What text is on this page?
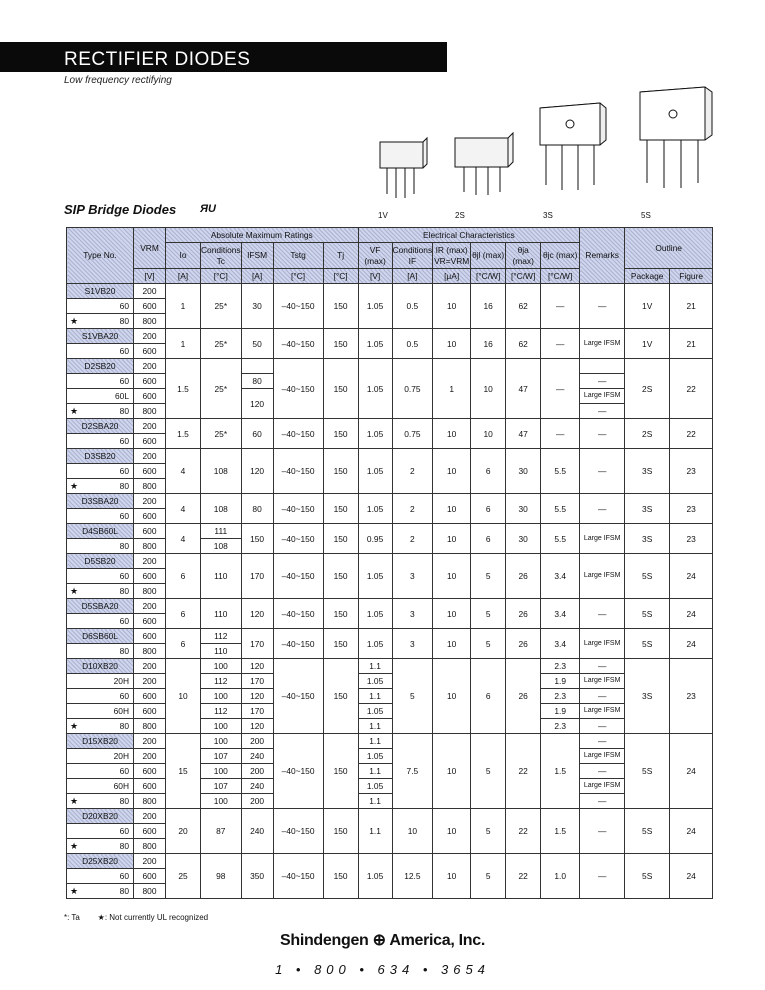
RECTIFIER DIODES
Low frequency rectifying
1V	2S	3S	5S
SIP Bridge Diodes ЯU
Type No.	VRM	Absolute Maximum Ratings					Electrical Characteristics						Remarks	Outline	
		Io	Conditions Tc	IFSM	Tstg	Tj	VF (max)	Conditions IF	IR (max) VR=VRM	θjl (max)	θja (max)	θjc (max)			
	[V]	[A]	[°C]	[A]	[°C]	[°C]	[V]	[A]	[μA]	[°C/W]	[°C/W]	[°C/W]		Package	Figure
S1VB20	200	1	25*	30	–40~150	150	1.05	0.5	10	16	62	—	—	1V	21
60	600														

★ 80	800														
S1VBA20	200	1	25*	50	–40~150	150	1.05	0.5	10	16	62	—	Large IFSM	1V	21
60	600														
D2SB20	200	1.5	25*		–40~150	150	1.05	0.75	1	10	47	—		2S	22
60	600			80									—		
60L	600			120									Large IFSM		

★ 80	800												—		
D2SBA20	200	1.5	25*	60	–40~150	150	1.05	0.75	10	10	47	—	—	2S	22
60	600														
D3SB20	200	4	108	120	–40~150	150	1.05	2	10	6	30	5.5	—	3S	23
60	600														

★ 80	800														
D3SBA20	200	4	108	80	–40~150	150	1.05	2	10	6	30	5.5	—	3S	23
60	600														
D4SB60L	600	4	111	150	–40~150	150	0.95	2	10	6	30	5.5	Large IFSM	3S	23
80	800		108												
D5SB20	200	6	110	170	–40~150	150	1.05	3	10	5	26	3.4	Large IFSM	5S	24
60	600														

★ 80	800														
D5SBA20	200	6	110	120	–40~150	150	1.05	3	10	5	26	3.4	—	5S	24
60	600														
D6SB60L	600	6	112	170	–40~150	150	1.05	3	10	5	26	3.4	Large IFSM	5S	24
80	800		110												
D10XB20	200	10	100	120	–40~150	150	1.1	5	10	6	26	2.3	—	3S	23
20H	200		112	170			1.05					1.9	Large IFSM		
60	600		100	120			1.1					2.3	—		
60H	600		112	170			1.05					1.9	Large IFSM		

★ 80	800		100	120			1.1					2.3	—		
D15XB20	200	15	100	200	–40~150	150	1.1	7.5	10	5	22	1.5	—	5S	24
20H	200		107	240			1.05						Large IFSM		
60	600		100	200			1.1						—		
60H	600		107	240			1.05						Large IFSM		

★ 80	800		100	200			1.1						—		
D20XB20	200	20	87	240	–40~150	150	1.1	10	10	5	22	1.5	—	5S	24
60	600														

★ 80	800														
D25XB20	200	25	98	350	–40~150	150	1.05	12.5	10	5	22	1.0	—	5S	24
60	600														

★ 80	800														
*: Ta ★: Not currently UL recognized
Shindengen ⊕ America, Inc.
1 • 800 • 634 • 3654
